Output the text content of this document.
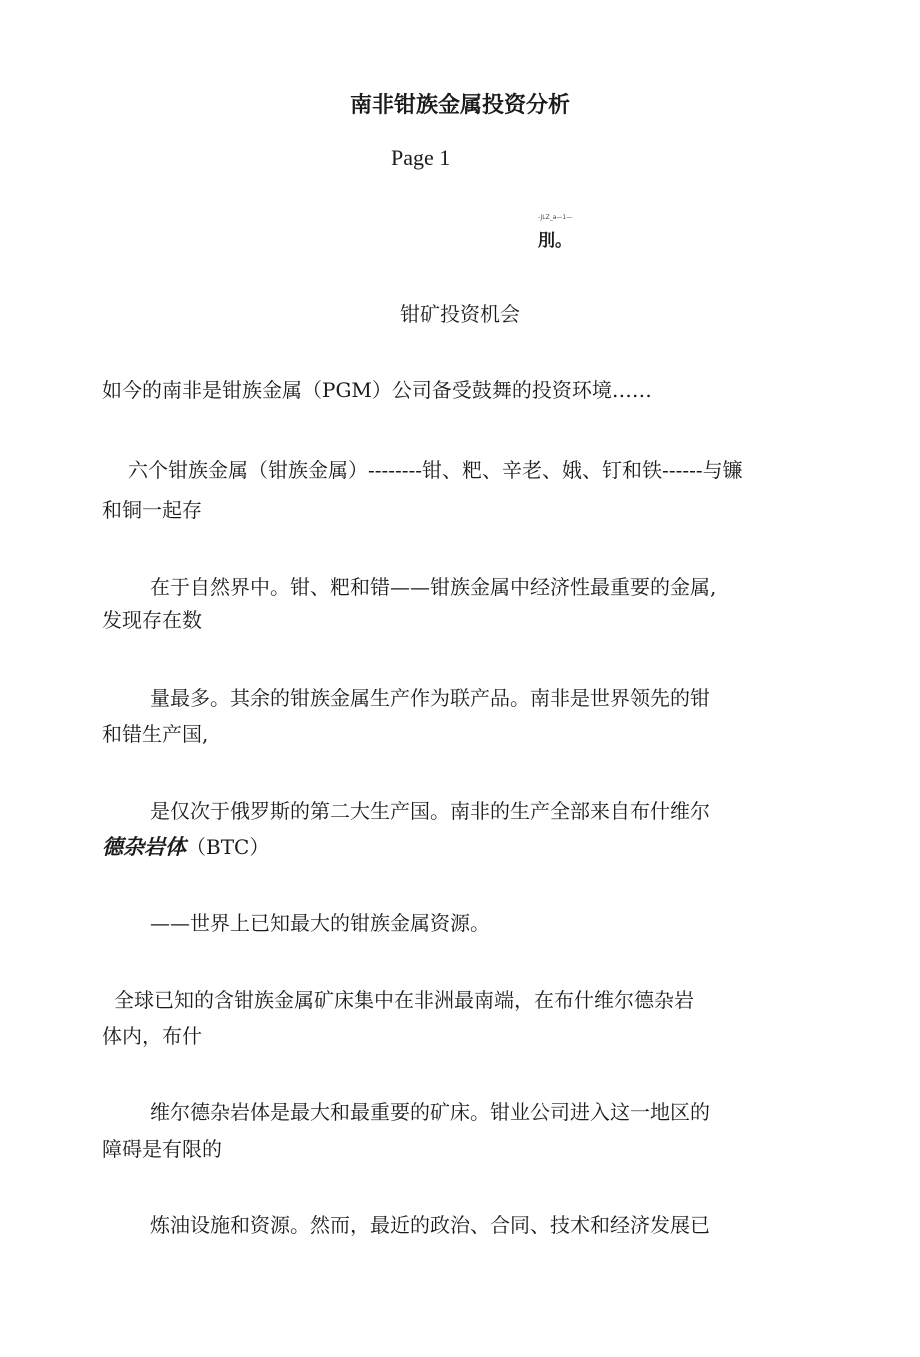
南非钳族金属投资分析
Page 1
-JLZ_a—1—
刖。
钳矿投资机会
如今的南非是钳族金属（PGM）公司备受鼓舞的投资环境……
六个钳族金属（钳族金属）--------钳、粑、辛老、娥、钉和铁------与镰
和铜一起存
在于自然界中。钳、粑和错——钳族金属中经济性最重要的金属,
发现存在数
量最多。其余的钳族金属生产作为联产品。南非是世界领先的钳
和错生产国,
是仅次于俄罗斯的第二大生产国。南非的生产全部来自布什维尔
德杂岩体（BTC）
——世界上已知最大的钳族金属资源。
全球已知的含钳族金属矿床集中在非洲最南端，在布什维尔德杂岩
体内，布什
维尔德杂岩体是最大和最重要的矿床。钳业公司进入这一地区的
障碍是有限的
炼油设施和资源。然而，最近的政治、合同、技术和经济发展已
